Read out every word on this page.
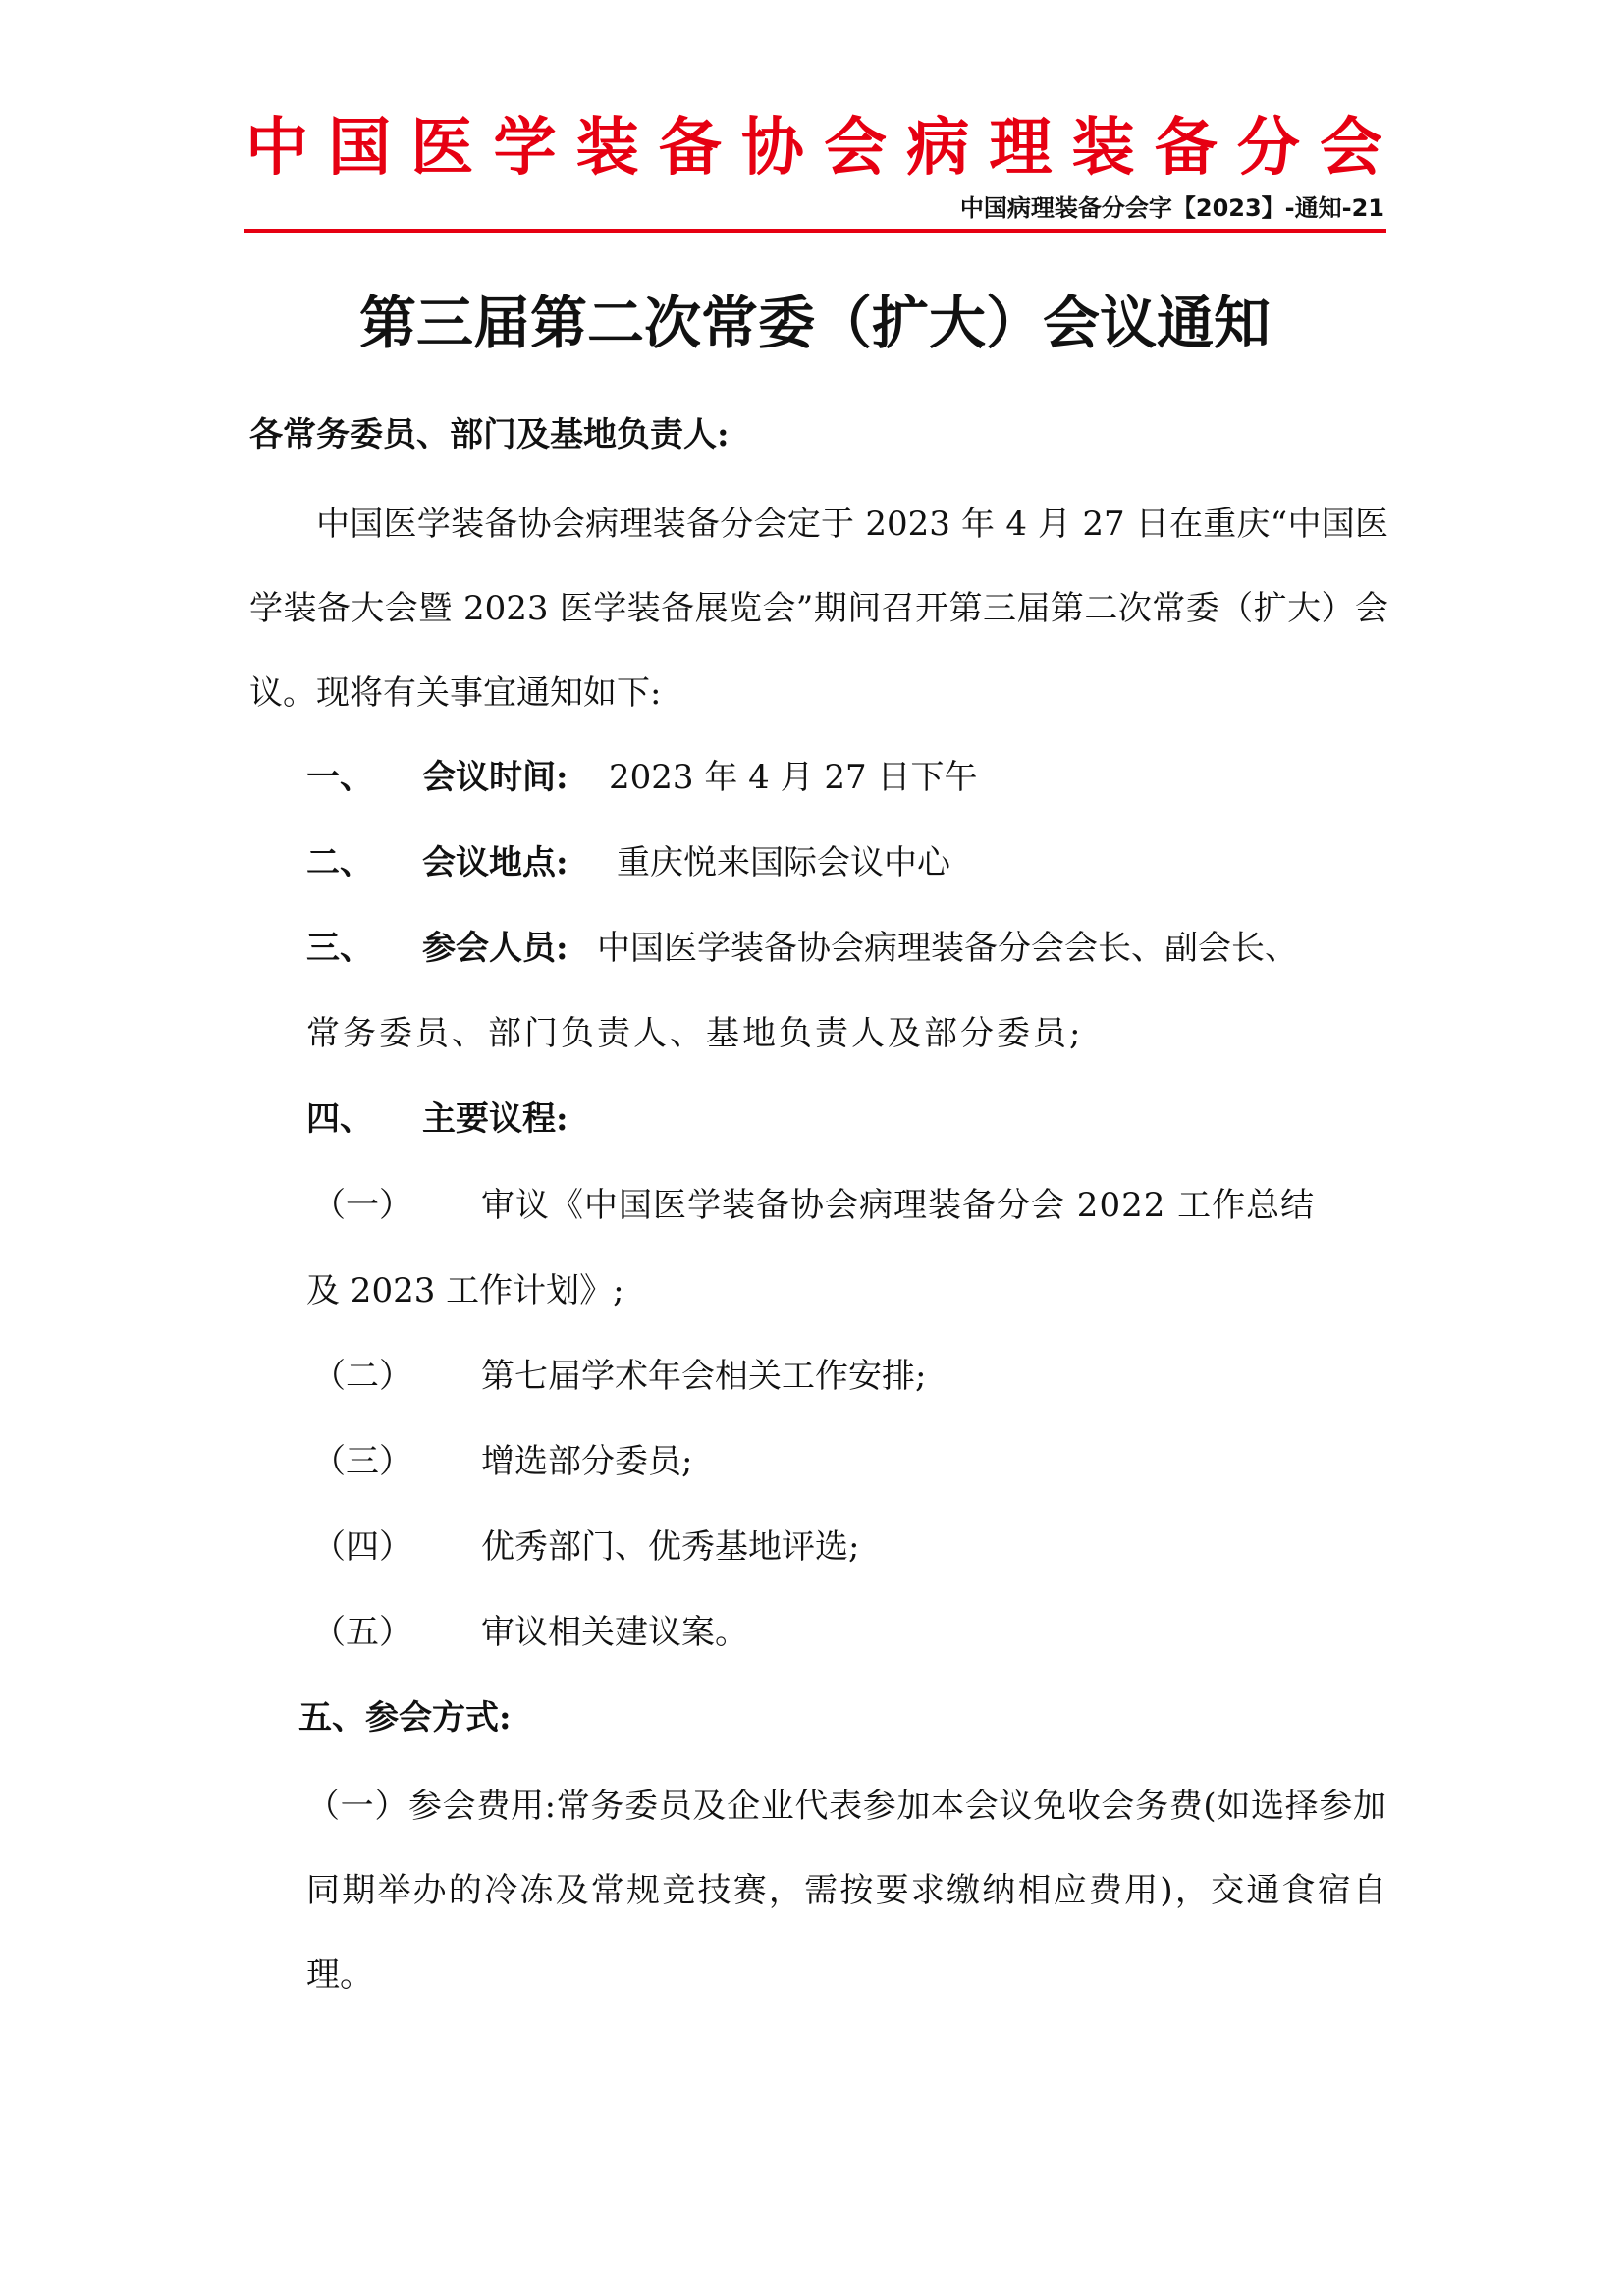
中国医学装备协会病理装备分会
中国病理装备分会字【2023】-通知-21
第三届第二次常委（扩大）会议通知
各常务委员、部门及基地负责人:
中国医学装备协会病理装备分会定于 2023 年 4 月 27 日在重庆“中国医学装备大会暨 2023 医学装备展览会”期间召开第三届第二次常委（扩大）会议。现将有关事宜通知如下:
一、 会议时间: 2023 年 4 月 27 日下午
二、 会议地点: 重庆悦来国际会议中心
三、 参会人员: 中国医学装备协会病理装备分会会长、副会长、
常务委员、部门负责人、基地负责人及部分委员;
四、 主要议程:
（一） 审议《中国医学装备协会病理装备分会 2022 工作总结
及 2023 工作计划》;
（二） 第七届学术年会相关工作安排;
（三） 增选部分委员;
（四） 优秀部门、优秀基地评选;
（五） 审议相关建议案。
五、参会方式:
（一）参会费用:常务委员及企业代表参加本会议免收会务费(如选择参加同期举办的冷冻及常规竞技赛，需按要求缴纳相应费用)，交通食宿自理。
